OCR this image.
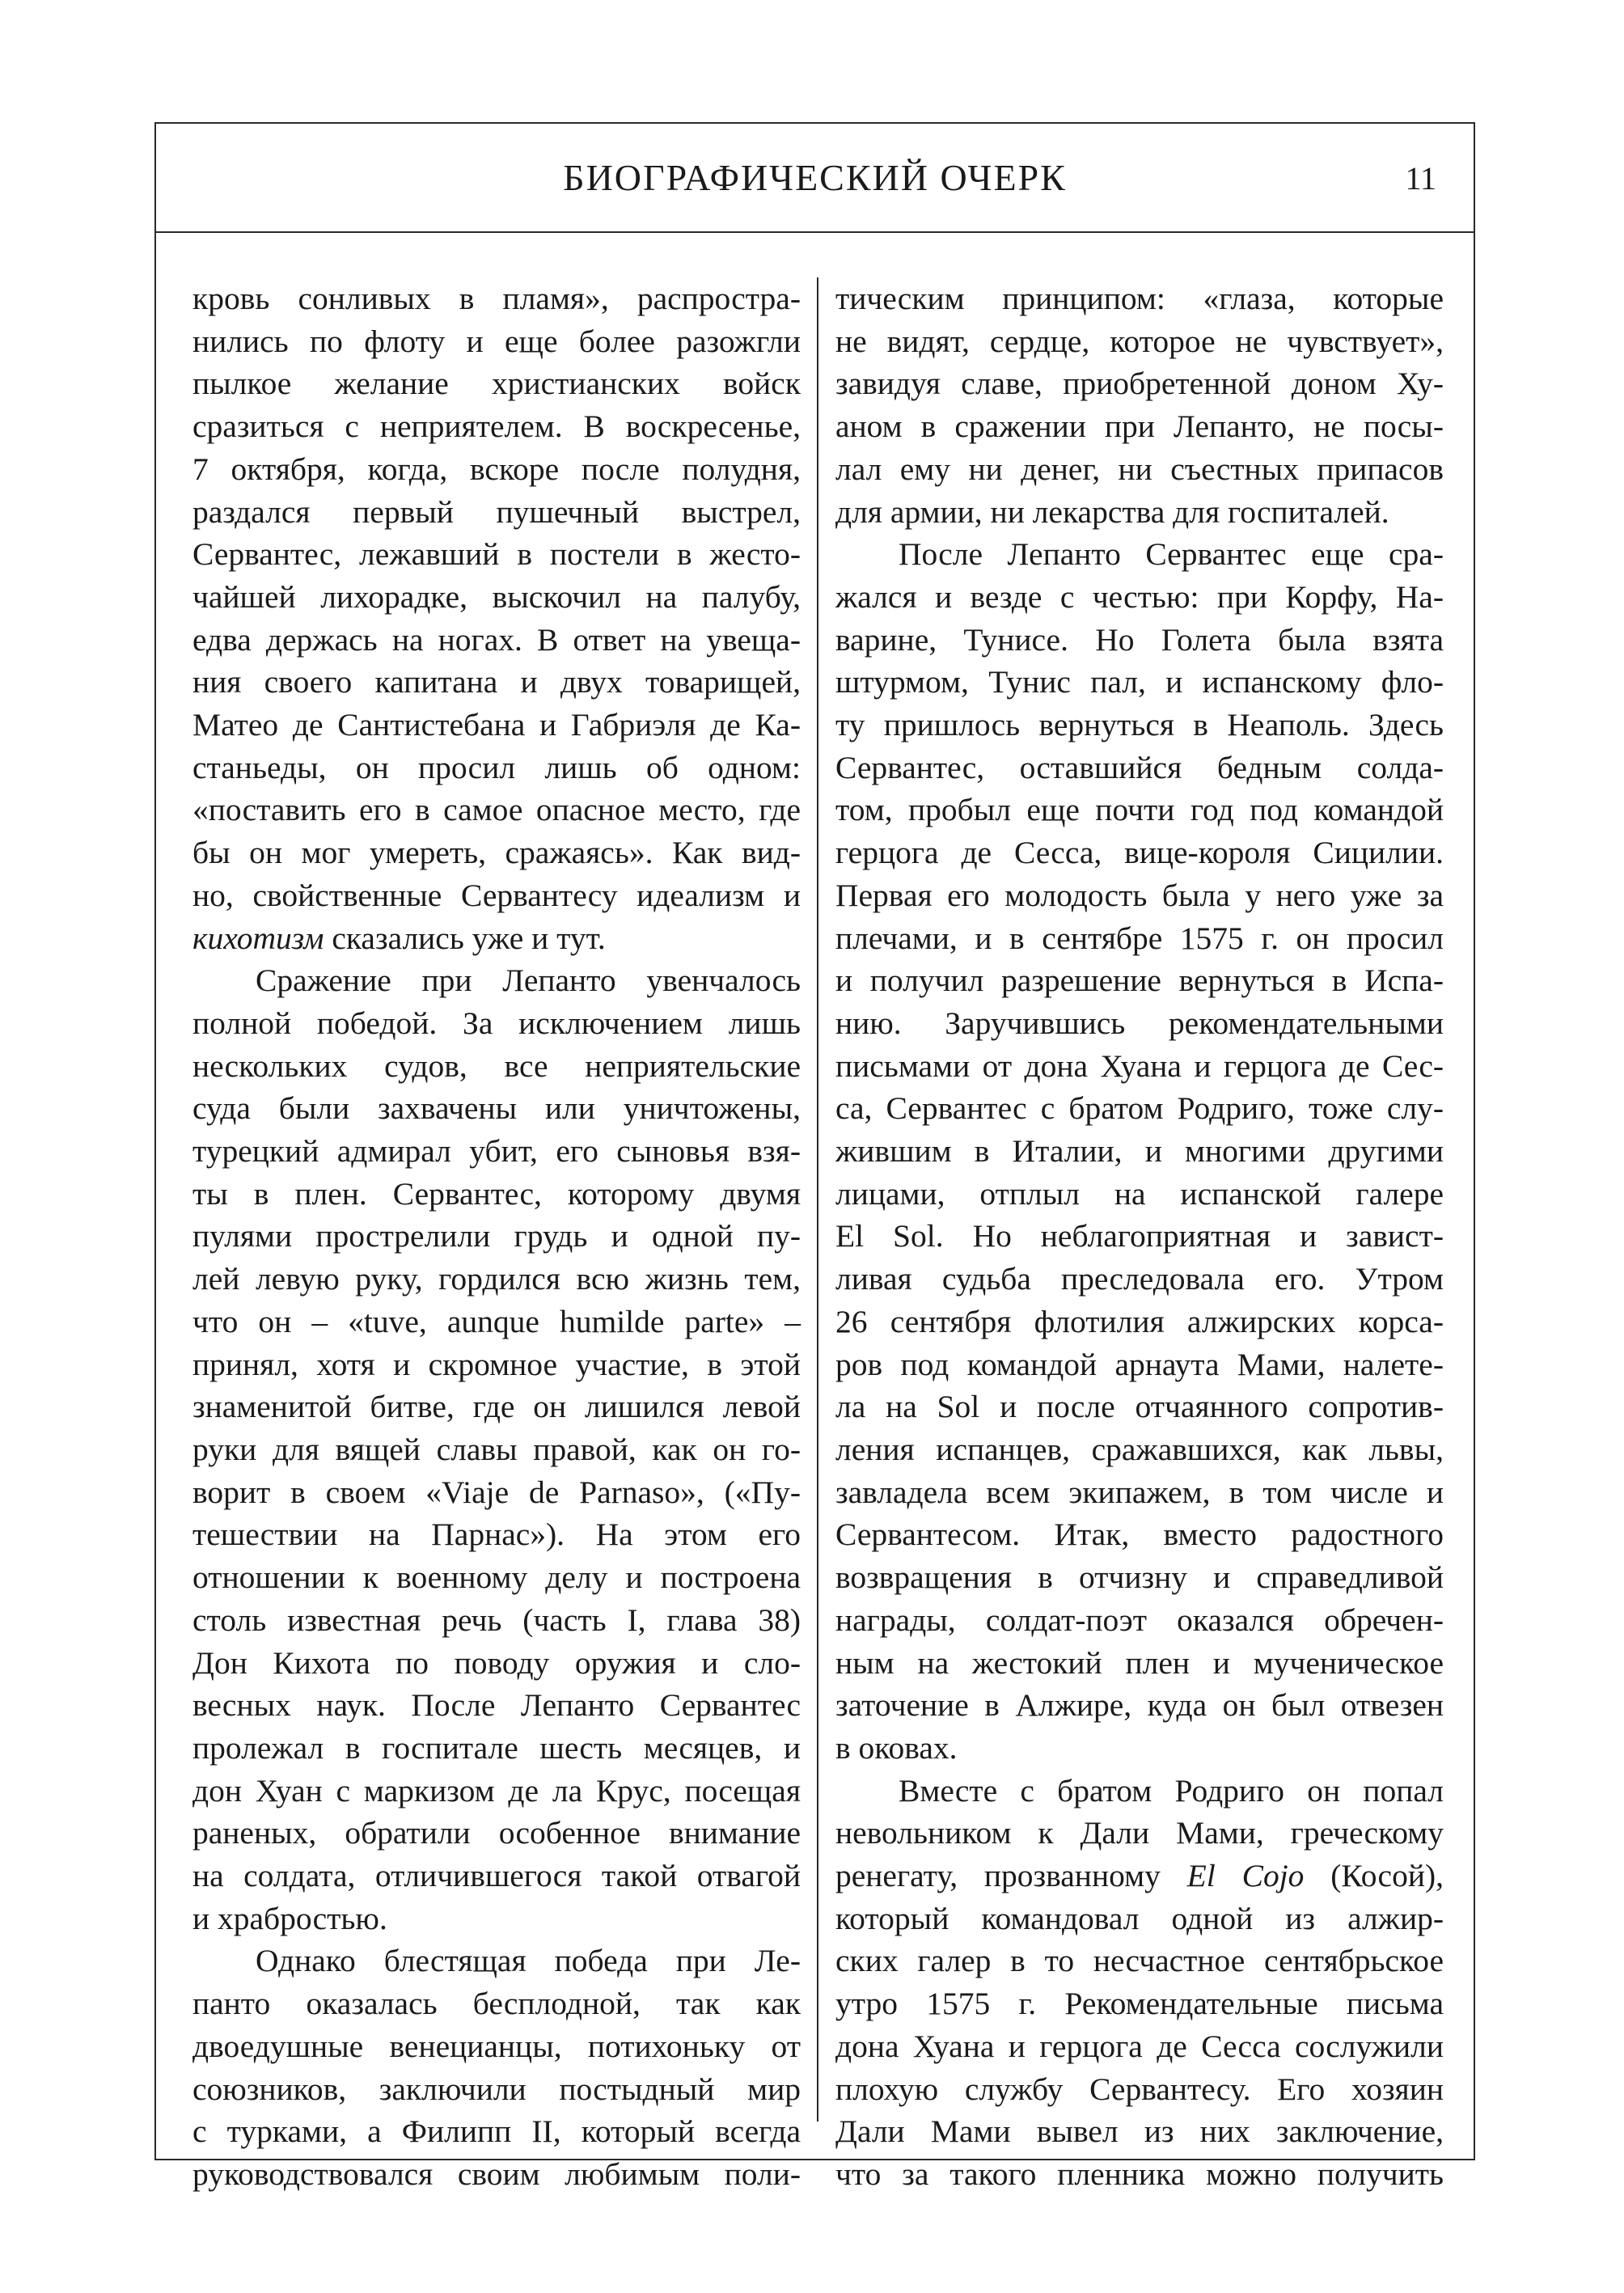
БИОГРАФИЧЕСКИЙ ОЧЕРК	11

кровь сонливых в пламя», распростра-
нились по флоту и еще более разожгли
пылкое желание христианских войск
сразиться с неприятелем. В воскресенье,
7 октября, когда, вскоре после полудня,
раздался первый пушечный выстрел,
Сервантес, лежавший в постели в жесто-
чайшей лихорадке, выскочил на палубу,
едва держась на ногах. В ответ на увеща-
ния своего капитана и двух товарищей,
Матео де Сантистебана и Габриэля де Ка-
станьеды, он просил лишь об одном:
«поставить его в самое опасное место, где
бы он мог умереть, сражаясь». Как вид-
но, свойственные Сервантесу идеализм и
кихотизм сказались уже и тут.

Сражение при Лепанто увенчалось
полной победой. За исключением лишь
нескольких судов, все неприятельские
суда были захвачены или уничтожены,
турецкий адмирал убит, его сыновья взя-
ты в плен. Сервантес, которому двумя
пулями прострелили грудь и одной пу-
лей левую руку, гордился всю жизнь тем,
что он – «tuve, aunque humilde parte» –
принял, хотя и скромное участие, в этой
знаменитой битве, где он лишился левой
руки для вящей славы правой, как он го-
ворит в своем «Viaje de Parnaso», («Пу-
тешествии на Парнас»). На этом его
отношении к военному делу и построена
столь известная речь (часть I, глава 38)
Дон Кихота по поводу оружия и сло-
весных наук. После Лепанто Сервантес
пролежал в госпитале шесть месяцев, и
дон Хуан с маркизом де ла Крус, посещая
раненых, обратили особенное внимание
на солдата, отличившегося такой отвагой
и храбростью.

Однако блестящая победа при Ле-
панто оказалась бесплодной, так как
двоедушные венецианцы, потихоньку от
союзников, заключили постыдный мир
с турками, а Филипп II, который всегда
руководствовался своим любимым поли-

тическим принципом: «глаза, которые
не видят, сердце, которое не чувствует»,
завидуя славе, приобретенной доном Ху-
аном в сражении при Лепанто, не посы-
лал ему ни денег, ни съестных припасов
для армии, ни лекарства для госпиталей.

После Лепанто Сервантес еще сра-
жался и везде с честью: при Корфу, На-
варине, Тунисе. Но Голета была взята
штурмом, Тунис пал, и испанскому фло-
ту пришлось вернуться в Неаполь. Здесь
Сервантес, оставшийся бедным солда-
том, пробыл еще почти год под командой
герцога де Сесса, вице-короля Сицилии.
Первая его молодость была у него уже за
плечами, и в сентябре 1575 г. он просил
и получил разрешение вернуться в Испа-
нию. Заручившись рекомендательными
письмами от дона Хуана и герцога де Сес-
са, Сервантес с братом Родриго, тоже слу-
жившим в Италии, и многими другими
лицами, отплыл на испанской галере
El Sol. Но неблагоприятная и завист-
ливая судьба преследовала его. Утром
26 сентября флотилия алжирских корса-
ров под командой арнаута Мами, налете-
ла на Sol и после отчаянного сопротив-
ления испанцев, сражавшихся, как львы,
завладела всем экипажем, в том числе и
Сервантесом. Итак, вместо радостного
возвращения в отчизну и справедливой
награды, солдат-поэт оказался обречен-
ным на жестокий плен и мученическое
заточение в Алжире, куда он был отвезен
в оковах.

Вместе с братом Родриго он попал
невольником к Дали Мами, греческому
ренегату, прозванному El Cojo (Косой),
который командовал одной из алжир-
ских галер в то несчастное сентябрьское
утро 1575 г. Рекомендательные письма
дона Хуана и герцога де Сесса сослужили
плохую службу Сервантесу. Его хозяин
Дали Мами вывел из них заключение,
что за такого пленника можно получить
